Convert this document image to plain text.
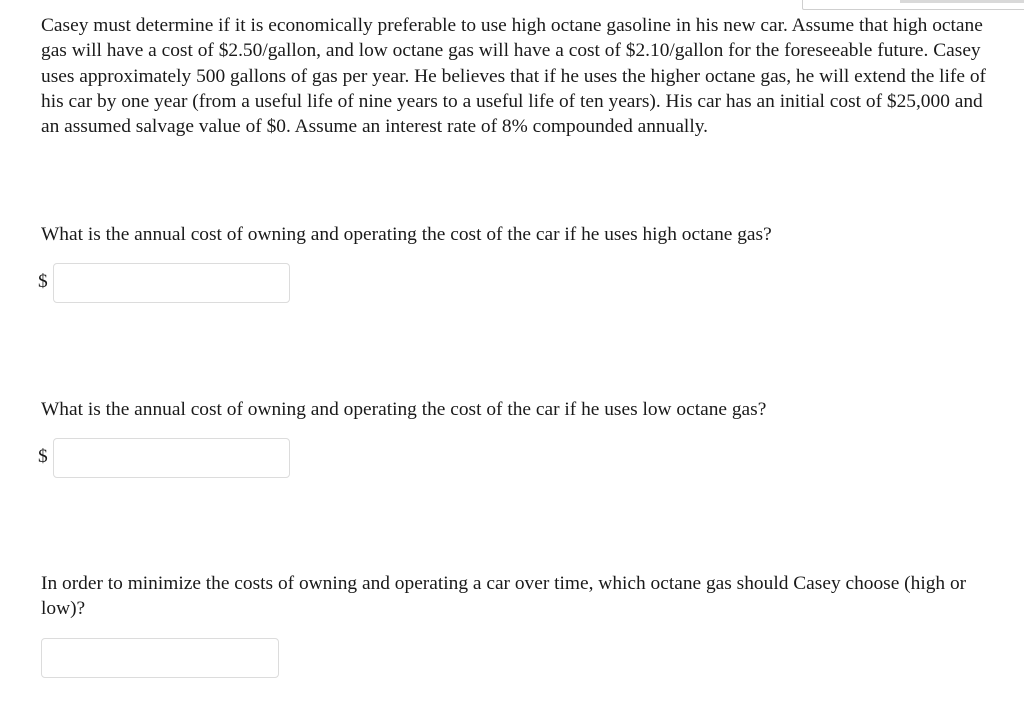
Casey must determine if it is economically preferable to use high octane gasoline in his new car. Assume that high octane gas will have a cost of $2.50/gallon, and low octane gas will have a cost of $2.10/gallon for the foreseeable future. Casey uses approximately 500 gallons of gas per year. He believes that if he uses the higher octane gas, he will extend the life of his car by one year (from a useful life of nine years to a useful life of ten years). His car has an initial cost of $25,000 and an assumed salvage value of $0. Assume an interest rate of 8% compounded annually.

What is the annual cost of owning and operating the cost of the car if he uses high octane gas?

$

What is the annual cost of owning and operating the cost of the car if he uses low octane gas?

$

In order to minimize the costs of owning and operating a car over time, which octane gas should Casey choose (high or low)?
